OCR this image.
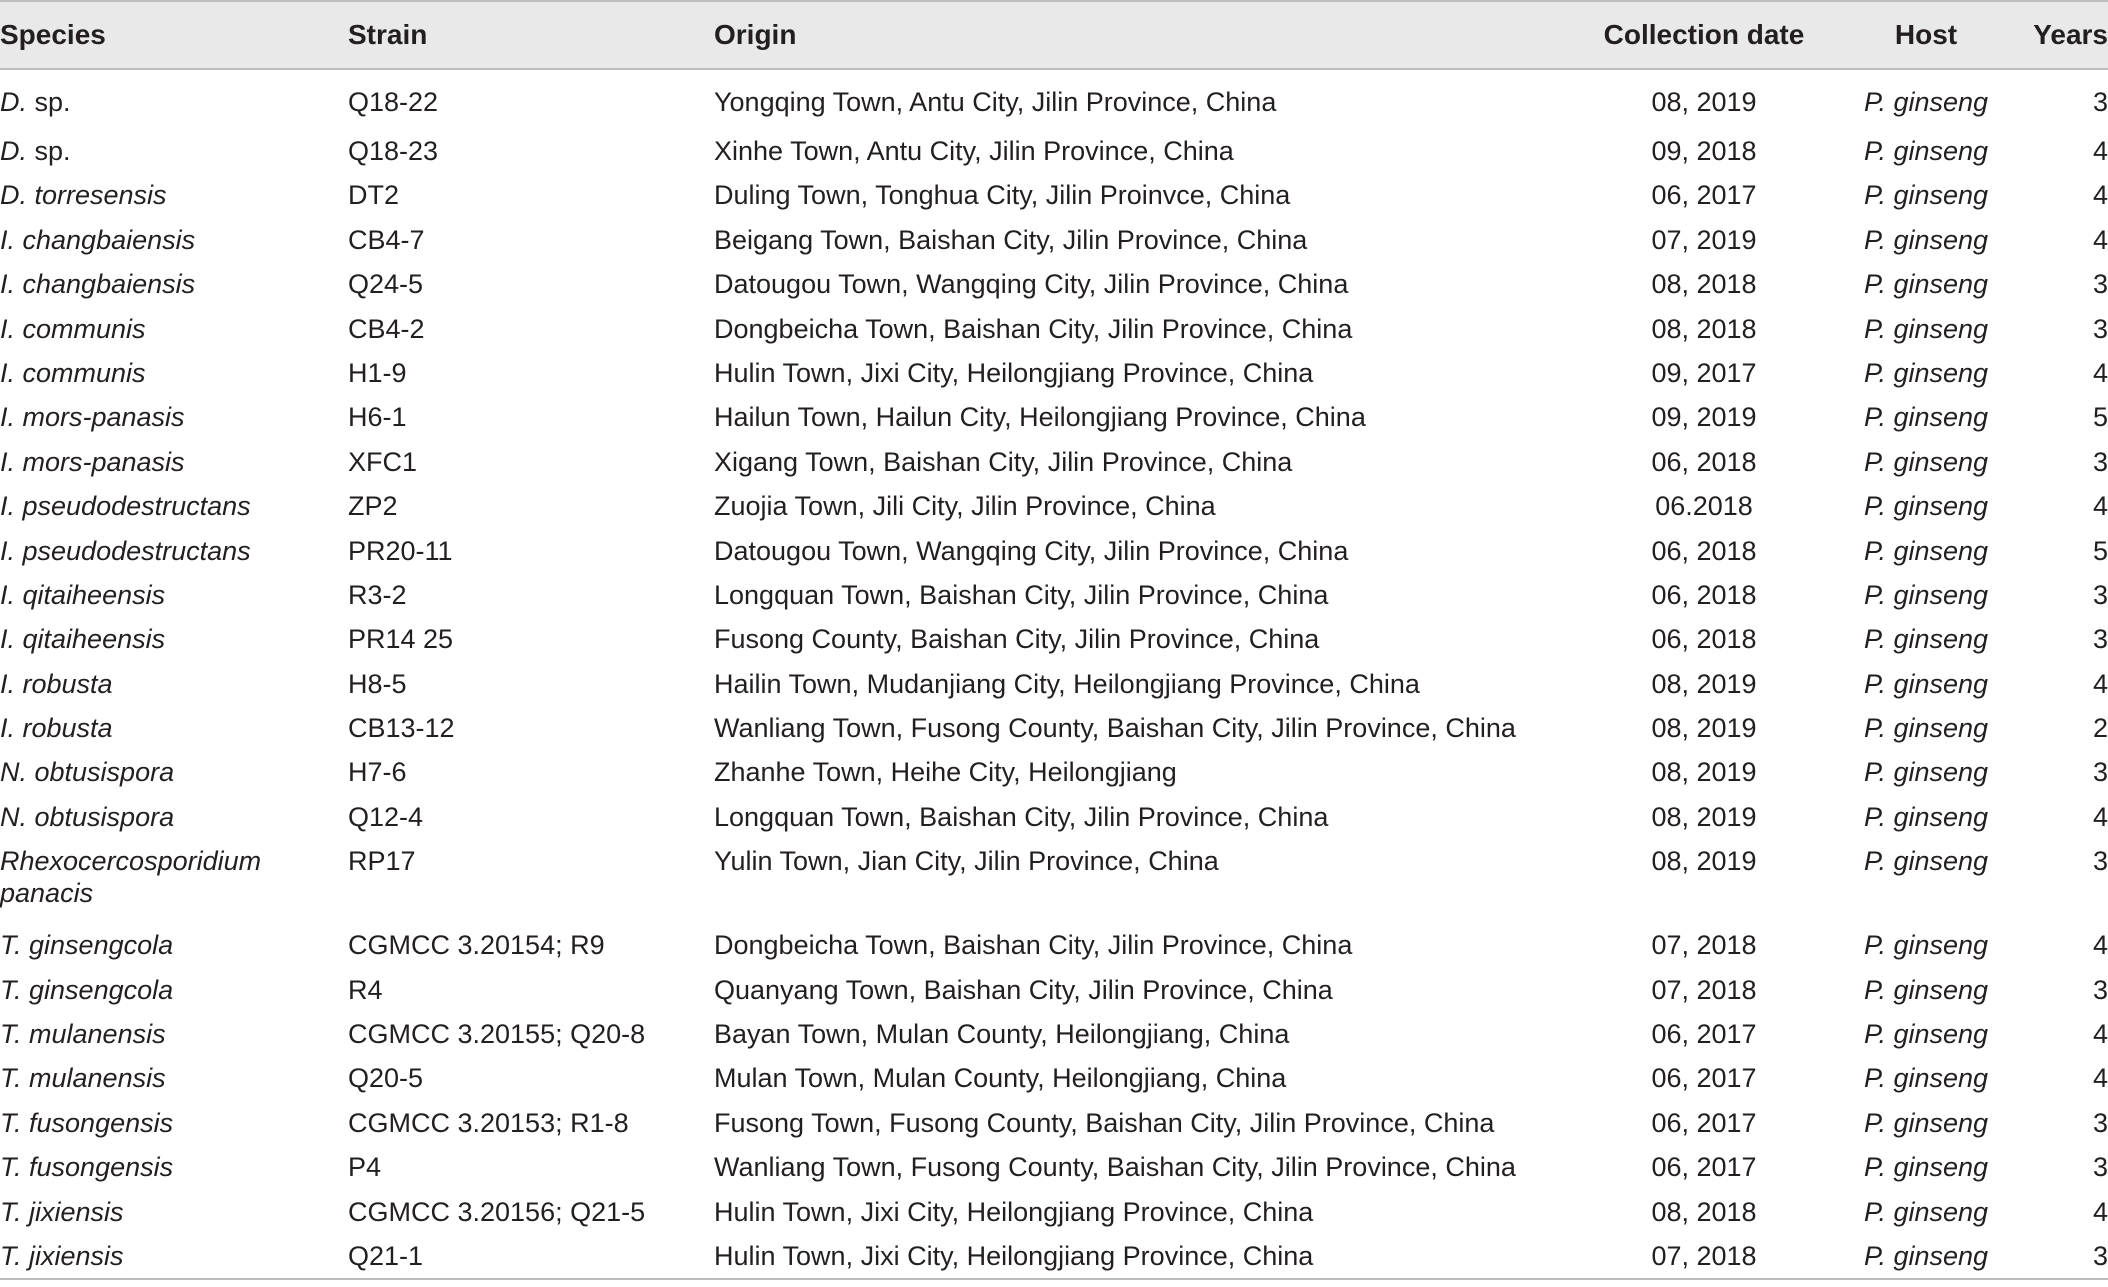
Species	Strain	Origin	Collection date	Host	Years
D. sp.	Q18-22	Yongqing Town, Antu City, Jilin Province, China	08, 2019	P. ginseng	3
D. sp.	Q18-23	Xinhe Town, Antu City, Jilin Province, China	09, 2018	P. ginseng	4
D. torresensis	DT2	Duling Town, Tonghua City, Jilin Proinvce, China	06, 2017	P. ginseng	4
I. changbaiensis	CB4-7	Beigang Town, Baishan City, Jilin Province, China	07, 2019	P. ginseng	4
I. changbaiensis	Q24-5	Datougou Town, Wangqing City, Jilin Province, China	08, 2018	P. ginseng	3
I. communis	CB4-2	Dongbeicha Town, Baishan City, Jilin Province, China	08, 2018	P. ginseng	3
I. communis	H1-9	Hulin Town, Jixi City, Heilongjiang Province, China	09, 2017	P. ginseng	4
I. mors-panasis	H6-1	Hailun Town, Hailun City, Heilongjiang Province, China	09, 2019	P. ginseng	5
I. mors-panasis	XFC1	Xigang Town, Baishan City, Jilin Province, China	06, 2018	P. ginseng	3
I. pseudodestructans	ZP2	Zuojia Town, Jili City, Jilin Province, China	06.2018	P. ginseng	4
I. pseudodestructans	PR20-11	Datougou Town, Wangqing City, Jilin Province, China	06, 2018	P. ginseng	5
I. qitaiheensis	R3-2	Longquan Town, Baishan City, Jilin Province, China	06, 2018	P. ginseng	3
I. qitaiheensis	PR14 25	Fusong County, Baishan City, Jilin Province, China	06, 2018	P. ginseng	3
I. robusta	H8-5	Hailin Town, Mudanjiang City, Heilongjiang Province, China	08, 2019	P. ginseng	4
I. robusta	CB13-12	Wanliang Town, Fusong County, Baishan City, Jilin Province, China	08, 2019	P. ginseng	2
N. obtusispora	H7-6	Zhanhe Town, Heihe City, Heilongjiang	08, 2019	P. ginseng	3
N. obtusispora	Q12-4	Longquan Town, Baishan City, Jilin Province, China	08, 2019	P. ginseng	4
Rhexocercosporidium panacis	RP17	Yulin Town, Jian City, Jilin Province, China	08, 2019	P. ginseng	3
T. ginsengcola	CGMCC 3.20154; R9	Dongbeicha Town, Baishan City, Jilin Province, China	07, 2018	P. ginseng	4
T. ginsengcola	R4	Quanyang Town, Baishan City, Jilin Province, China	07, 2018	P. ginseng	3
T. mulanensis	CGMCC 3.20155; Q20-8	Bayan Town, Mulan County, Heilongjiang, China	06, 2017	P. ginseng	4
T. mulanensis	Q20-5	Mulan Town, Mulan County, Heilongjiang, China	06, 2017	P. ginseng	4
T. fusongensis	CGMCC 3.20153; R1-8	Fusong Town, Fusong County, Baishan City, Jilin Province, China	06, 2017	P. ginseng	3
T. fusongensis	P4	Wanliang Town, Fusong County, Baishan City, Jilin Province, China	06, 2017	P. ginseng	3
T. jixiensis	CGMCC 3.20156; Q21-5	Hulin Town, Jixi City, Heilongjiang Province, China	08, 2018	P. ginseng	4
T. jixiensis	Q21-1	Hulin Town, Jixi City, Heilongjiang Province, China	07, 2018	P. ginseng	3
